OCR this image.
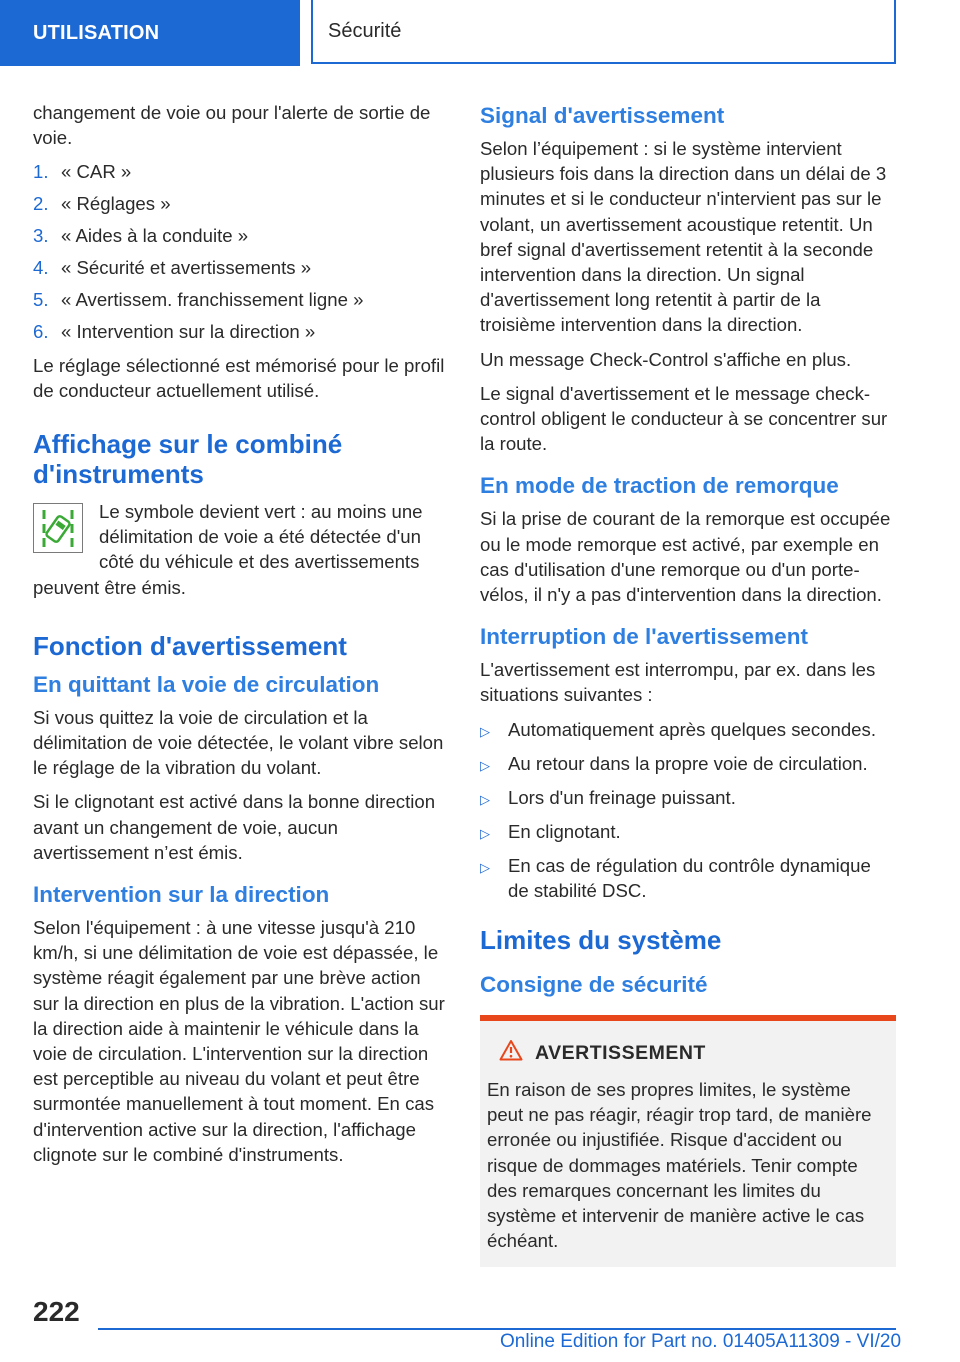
UTILISATION	Sécurité

changement de voie ou pour l'alerte de sortie de voie.

1. « CAR »
2. « Réglages »
3. « Aides à la conduite »
4. « Sécurité et avertissements »
5. « Avertissem. franchissement ligne »
6. « Intervention sur la direction »

Le réglage sélectionné est mémorisé pour le profil de conducteur actuellement utilisé.

Affichage sur le combiné d'instruments

Le symbole devient vert : au moins une délimitation de voie a été détectée d'un côté du véhicule et des avertissements peuvent être émis.

Fonction d'avertissement
En quittant la voie de circulation

Si vous quittez la voie de circulation et la délimitation de voie détectée, le volant vibre selon le réglage de la vibration du volant.

Si le clignotant est activé dans la bonne direction avant un changement de voie, aucun avertissement n’est émis.

Intervention sur la direction

Selon l'équipement : à une vitesse jusqu'à 210 km/h, si une délimitation de voie est dépassée, le système réagit également par une brève action sur la direction en plus de la vibration. L'action sur la direction aide à maintenir le véhicule dans la voie de circulation. L'intervention sur la direction est perceptible au niveau du volant et peut être surmontée manuellement à tout moment. En cas d'intervention active sur la direction, l'affichage clignote sur le combiné d'instruments.

Signal d'avertissement

Selon l’équipement : si le système intervient plusieurs fois dans la direction dans un délai de 3 minutes et si le conducteur n'intervient pas sur le volant, un avertissement acoustique retentit. Un bref signal d'avertissement retentit à la seconde intervention dans la direction. Un signal d'avertissement long retentit à partir de la troisième intervention dans la direction.

Un message Check-Control s'affiche en plus.

Le signal d'avertissement et le message check-control obligent le conducteur à se concentrer sur la route.

En mode de traction de remorque

Si la prise de courant de la remorque est occupée ou le mode remorque est activé, par exemple en cas d'utilisation d'une remorque ou d'un porte-vélos, il n'y a pas d'intervention dans la direction.

Interruption de l'avertissement

L'avertissement est interrompu, par ex. dans les situations suivantes :

▷ Automatiquement après quelques secondes.
▷ Au retour dans la propre voie de circulation.
▷ Lors d'un freinage puissant.
▷ En clignotant.
▷ En cas de régulation du contrôle dynamique de stabilité DSC.
Limites du système
Consigne de sécurité
AVERTISSEMENT

En raison de ses propres limites, le système peut ne pas réagir, réagir trop tard, de manière erronée ou injustifiée. Risque d'accident ou risque de dommages matériels. Tenir compte des remarques concernant les limites du système et intervenir de manière active le cas échéant.

222
Online Edition for Part no. 01405A11309 - VI/20
